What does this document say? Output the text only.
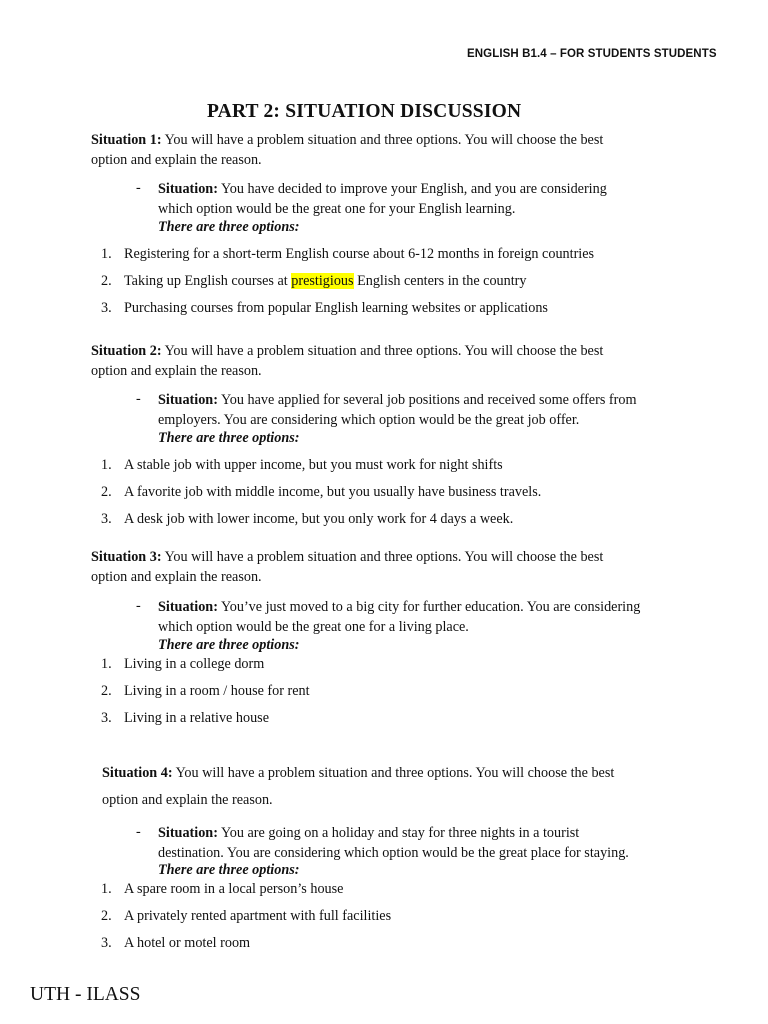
ENGLISH B1.4 – FOR STUDENTS STUDENTS
PART 2: SITUATION DISCUSSION
Situation 1: You will have a problem situation and three options. You will choose the best
option and explain the reason.
- Situation: You have decided to improve your English, and you are considering
which option would be the great one for your English learning.
There are three options:
1. Registering for a short-term English course about 6-12 months in foreign countries
2. Taking up English courses at prestigious English centers in the country
3. Purchasing courses from popular English learning websites or applications
Situation 2: You will have a problem situation and three options. You will choose the best
option and explain the reason.
- Situation: You have applied for several job positions and received some offers from
employers. You are considering which option would be the great job offer.
There are three options:
1. A stable job with upper income, but you must work for night shifts
2. A favorite job with middle income, but you usually have business travels.
3. A desk job with lower income, but you only work for 4 days a week.
Situation 3: You will have a problem situation and three options. You will choose the best
option and explain the reason.
- Situation: You’ve just moved to a big city for further education. You are considering
which option would be the great one for a living place.
There are three options:
1. Living in a college dorm
2. Living in a room / house for rent
3. Living in a relative house
Situation 4: You will have a problem situation and three options. You will choose the best
option and explain the reason.
- Situation: You are going on a holiday and stay for three nights in a tourist
destination. You are considering which option would be the great place for staying.
There are three options:
1. A spare room in a local person’s house
2. A privately rented apartment with full facilities
3. A hotel or motel room
UTH - ILASS
